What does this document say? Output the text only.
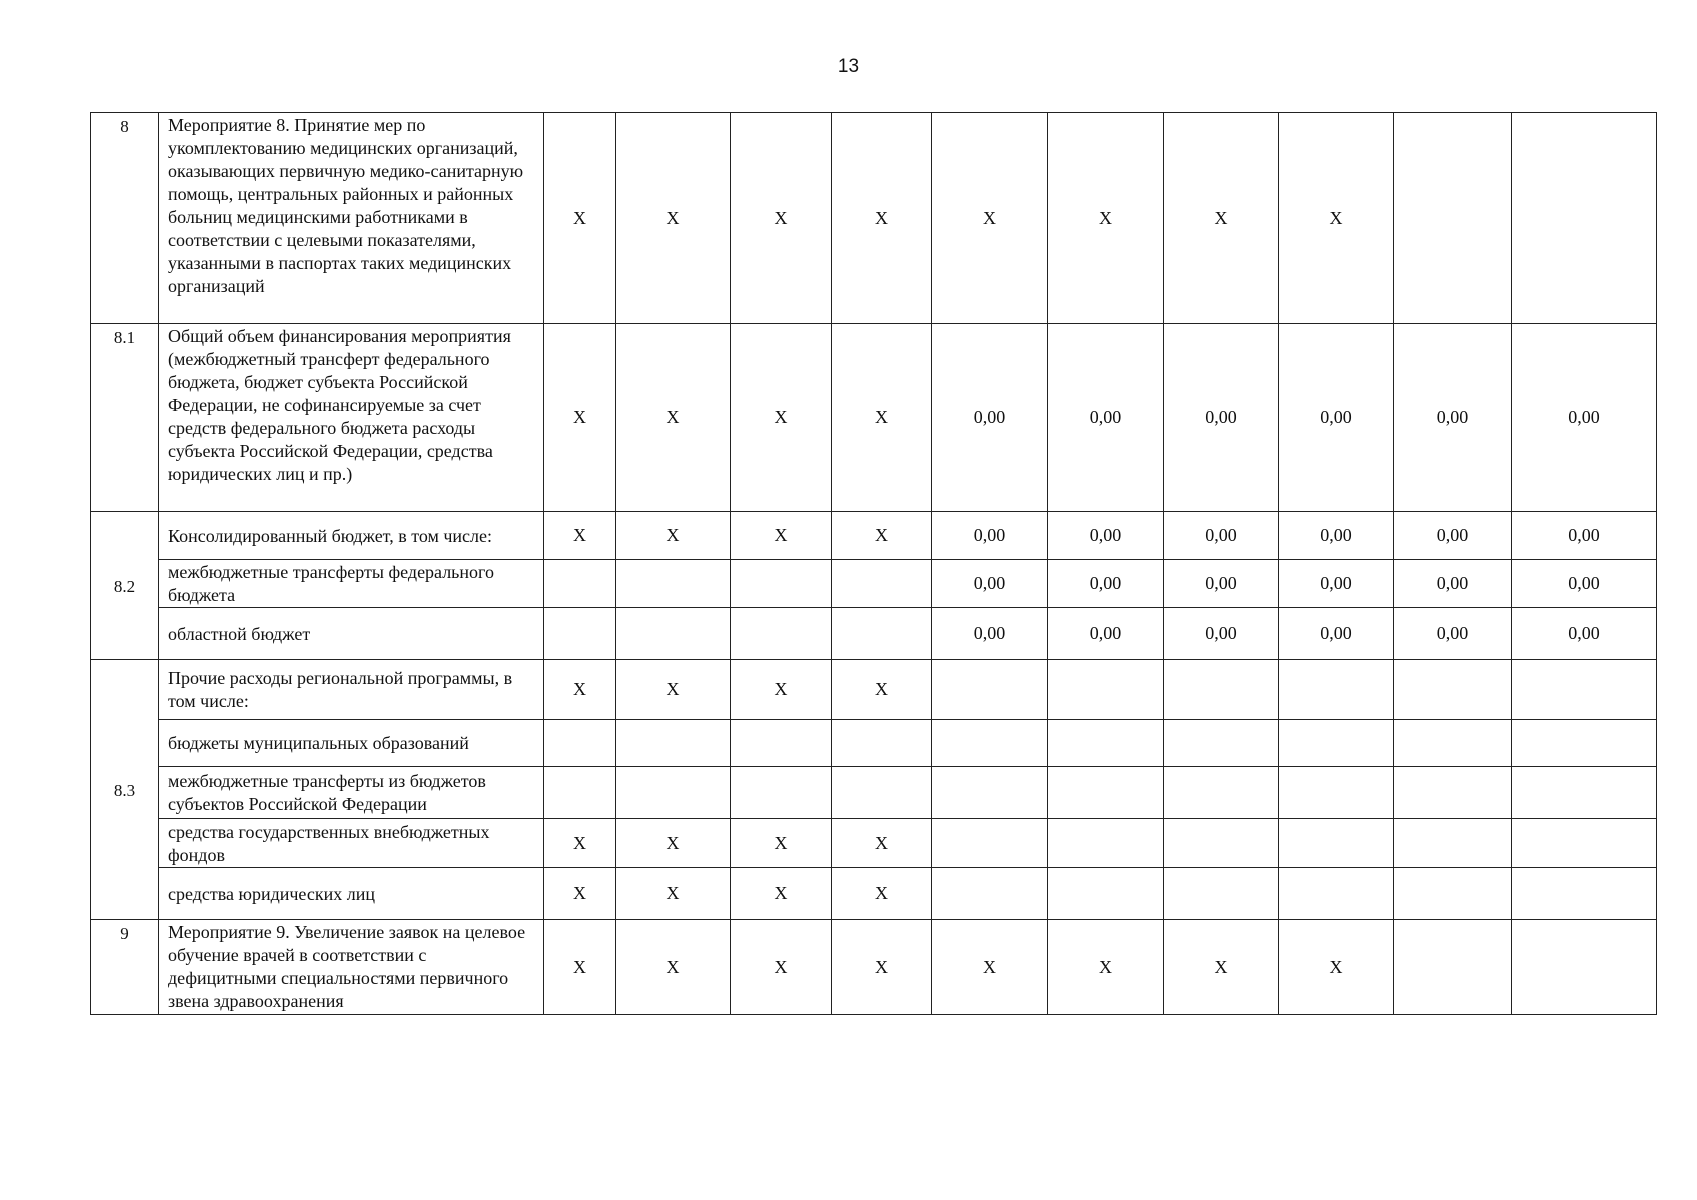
13
8	Мероприятие 8. Принятие мер по укомплектованию медицинских организаций, оказывающих первичную медико-санитарную помощь, центральных районных и районных больниц медицинскими работниками в соответствии с целевыми показателями, указанными в паспортах таких медицинских организаций	X	X	X	X	X	X	X	X		
8.1	Общий объем финансирования мероприятия (межбюджетный трансферт федерального бюджета, бюджет субъекта Российской Федерации, не софинансируемые за счет средств федерального бюджета расходы субъекта Российской Федерации, средства юридических лиц и пр.)	X	X	X	X	0,00	0,00	0,00	0,00	0,00	0,00
8.2	Консолидированный бюджет, в том числе:	X	X	X	X	0,00	0,00	0,00	0,00	0,00	0,00
	межбюджетные трансферты федерального бюджета					0,00	0,00	0,00	0,00	0,00	0,00
	областной бюджет					0,00	0,00	0,00	0,00	0,00	0,00
8.3	Прочие расходы региональной программы, в том числе:	X	X	X	X						
	бюджеты муниципальных образований										
	межбюджетные трансферты из бюджетов субъектов Российской Федерации										
	средства государственных внебюджетных фондов	X	X	X	X						
	средства юридических лиц	X	X	X	X						
9	Мероприятие 9. Увеличение заявок на целевое обучение врачей в соответствии с дефицитными специальностями первичного звена здравоохранения	X	X	X	X	X	X	X	X		
